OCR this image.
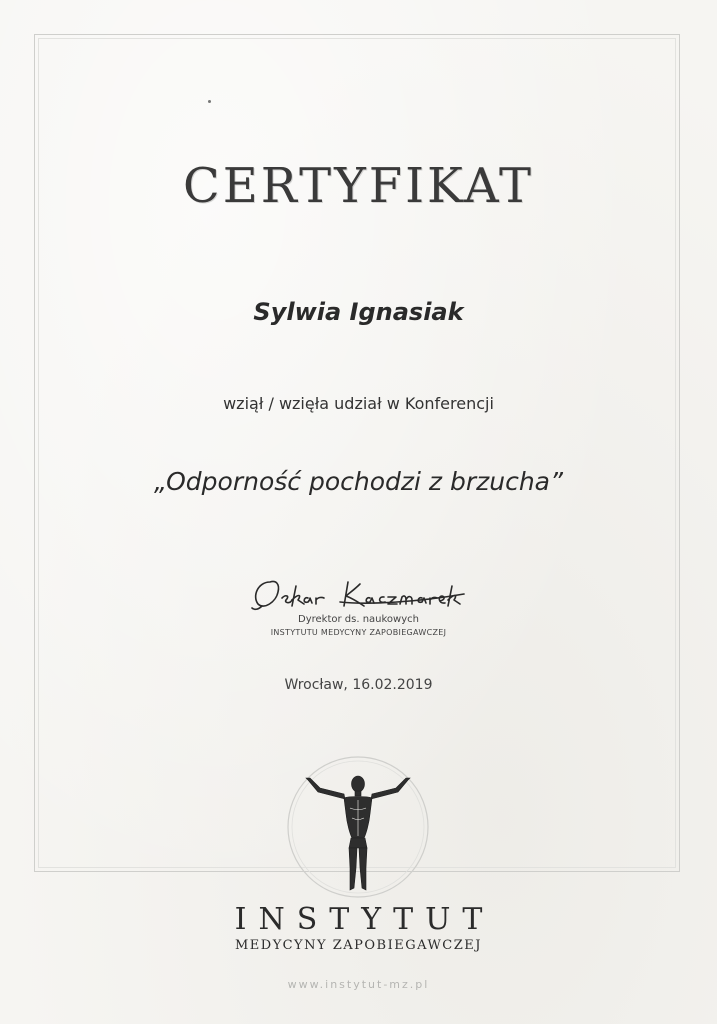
CERTYFIKAT
Sylwia Ignasiak
wziął / wzięła udział w Konferencji
„Odporność pochodzi z brzucha”
Dyrektor ds. naukowych
INSTYTUTU MEDYCYNY ZAPOBIEGAWCZEJ
Wrocław, 16.02.2019
INSTYTUT
MEDYCYNY ZAPOBIEGAWCZEJ
www.instytut-mz.pl
